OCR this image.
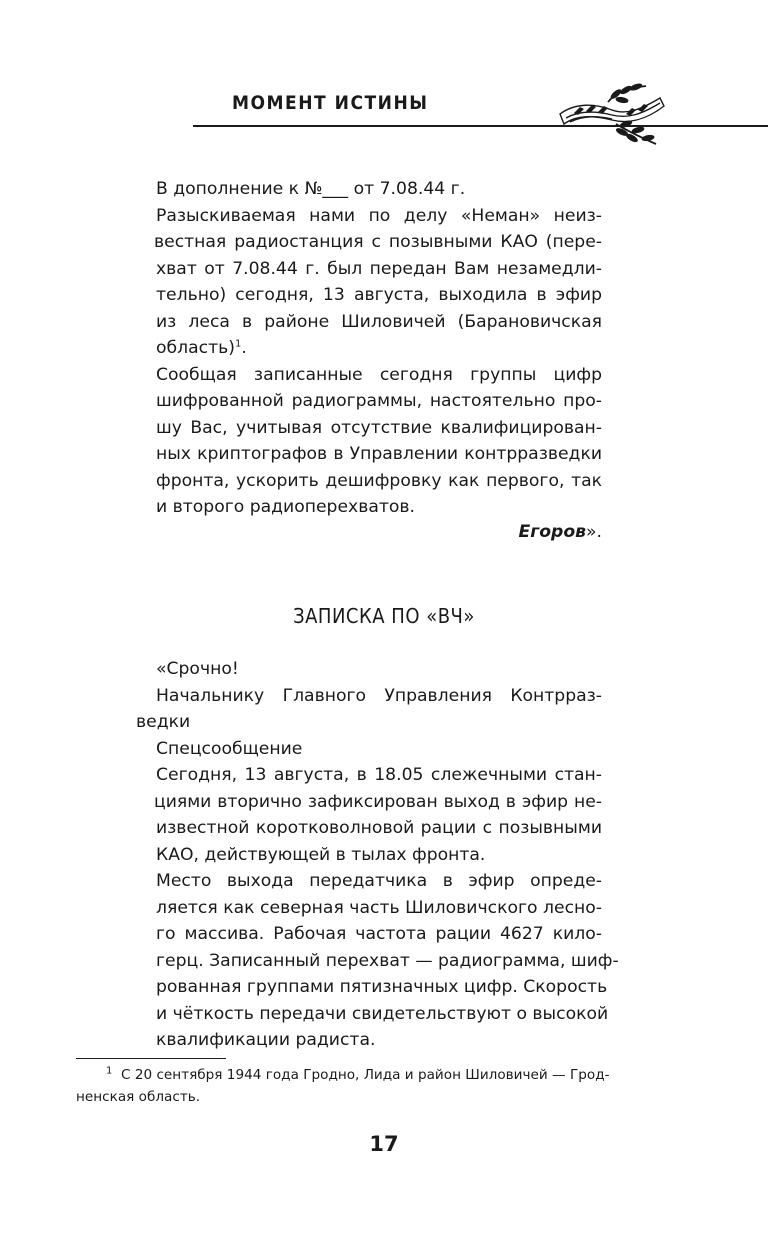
МОМЕНТ ИСТИНЫ
В дополнение к №___ от 7.08.44 г.
Разыскиваемая нами по делу «Неман» неиз-
вестная радиостанция с позывными КАО (пере-
хват от 7.08.44 г. был передан Вам незамедли-
тельно) сегодня, 13 августа, выходила в эфир
из леса в районе Шиловичей (Барановичская
область)$^1$.
Сообщая записанные сегодня группы цифр
шифрованной радиограммы, настоятельно про-
шу Вас, учитывая отсутствие квалифицирован-
ных криптографов в Управлении контрразведки
фронта, ускорить дешифровку как первого, так
и второго радиоперехватов.
Егоров».
ЗАПИСКА ПО «ВЧ»
«Срочно!
Начальнику Главного Управления Контрраз-
ведки
Спецсообщение
Сегодня, 13 августа, в 18.05 слежечными стан-
циями вторично зафиксирован выход в эфир не-
известной коротковолновой рации с позывными
КАО, действующей в тылах фронта.
Место выхода передатчика в эфир опреде-
ляется как северная часть Шиловичского лесно-
го массива. Рабочая частота рации 4627 кило-
герц. Записанный перехват — радиограмма, шиф-
рованная группами пятизначных цифр. Скорость
и чёткость передачи свидетельствуют о высокой
квалификации радиста.
$^1$ С 20 сентября 1944 года Гродно, Лида и район Шиловичей — Грод-
ненская область.
17
